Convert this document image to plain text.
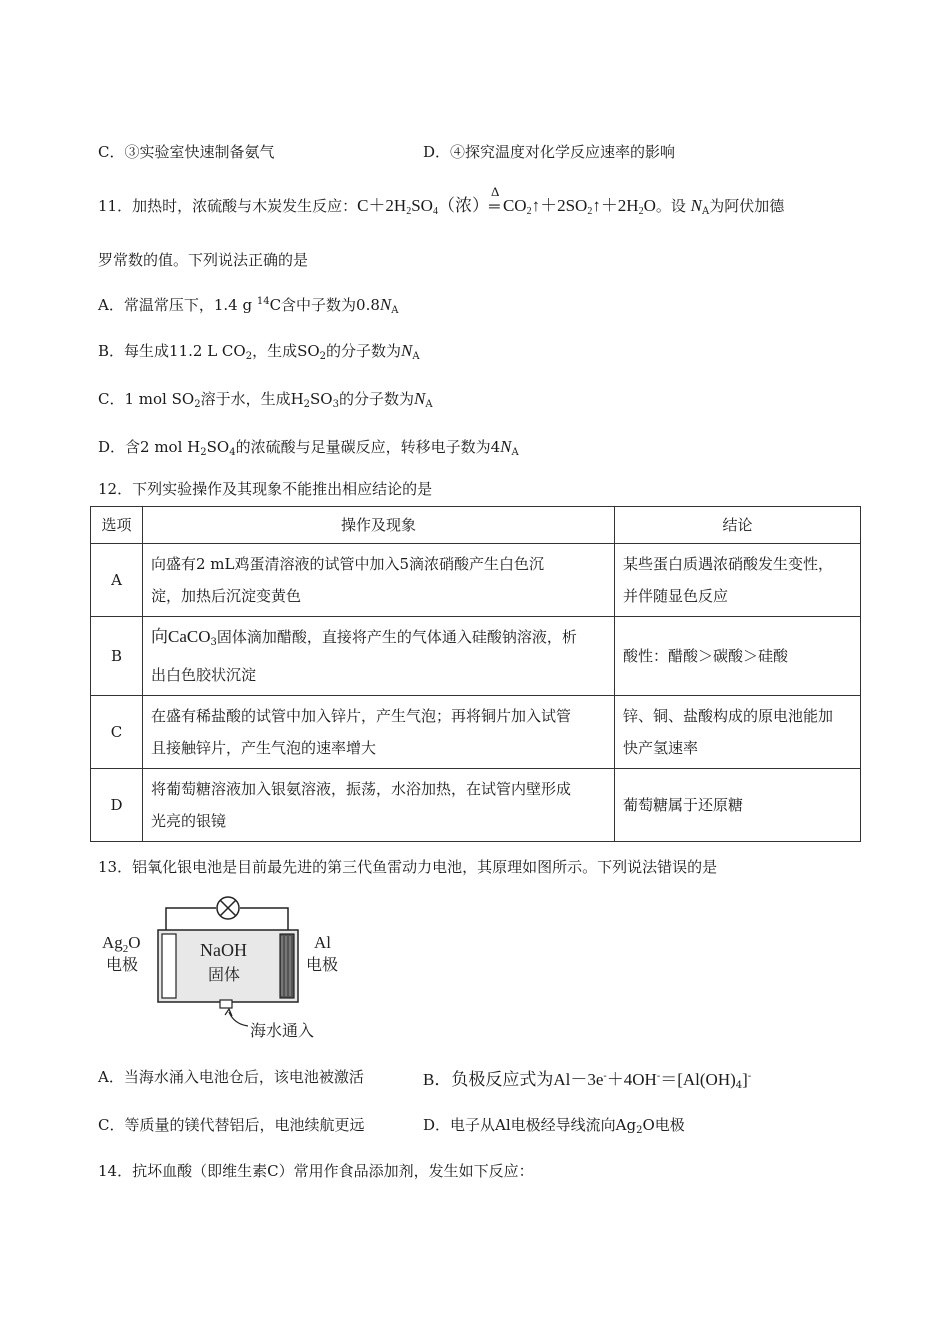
C．③实验室快速制备氨气	D．④探究温度对化学反应速率的影响
11．加热时，浓硫酸与木炭发生反应：$C+2H_2SO_4$（浓）
Δ
═ $CO_2↑+2SO_2↑+2H_2O$。设 $N_A$为阿伏加德
罗常数的值。下列说法正确的是
A．常温常压下，1.4 g $^{14}$C含中子数为$0.8N_A$
B．每生成11.2 L $CO_2$，生成$SO_2$的分子数为$N_A$
C．1 mol $SO_2$溶于水，生成$H_2SO_3$的分子数为$N_A$
D．含2 mol $H_2SO_4$的浓硫酸与足量碳反应，转移电子数为$4N_A$
12．下列实验操作及其现象不能推出相应结论的是
选项	操作及现象	结论
A	向盛有2 mL鸡蛋清溶液的试管中加入5滴浓硝酸产生白色沉
淀，加热后沉淀变黄色	某些蛋白质遇浓硝酸发生变性，
并伴随显色反应
B	向CaCO$_3$固体滴加醋酸，直接将产生的气体通入硅酸钠溶液，析
出白色胶状沉淀	酸性：醋酸＞碳酸＞硅酸
C	在盛有稀盐酸的试管中加入锌片，产生气泡；再将铜片加入试管
且接触锌片，产生气泡的速率增大	锌、铜、盐酸构成的原电池能加
快产氢速率
D	将葡萄糖溶液加入银氨溶液，振荡，水浴加热，在试管内壁形成
光亮的银镜	葡萄糖属于还原糖
13．铝氧化银电池是目前最先进的第三代鱼雷动力电池，其原理如图所示。下列说法错误的是
$Ag_2O$
电极
NaOH
固体
Al
电极
海水通入
A．当海水涌入电池仓后，该电池被激活	B．负极反应式为$Al-3e^-+4OH^-=[Al(OH)_4]^-$
C．等质量的镁代替铝后，电池续航更远	D．电子从Al电极经导线流向$Ag_2O$电极
14．抗坏血酸（即维生素C）常用作食品添加剂，发生如下反应：
